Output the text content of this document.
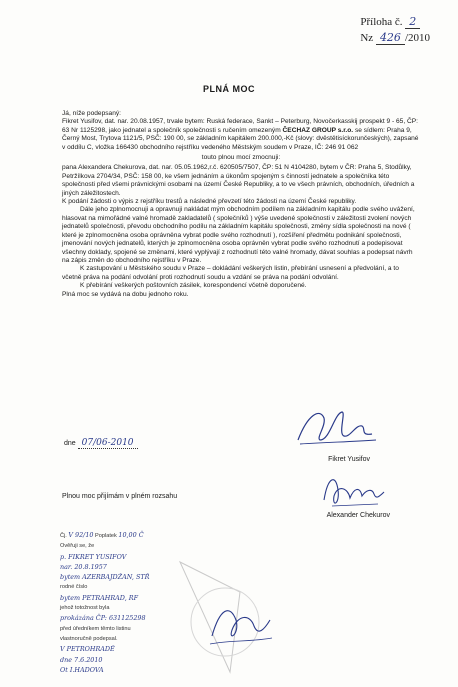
Příloha č. 2
Nz 426 /2010
PLNÁ MOC

Já, níže podepsaný:

Fikret Yusifov, dat. nar. 20.08.1957, trvale bytem: Ruská federace, Sankt – Peterburg, Novočerkasskij prospekt 9 - 65, ČP: 63 Nr 1125298, jako jednatel a společník společnosti s ručením omezeným ČECHAZ GROUP s.r.o. se sídlem: Praha 9, Černý Most, Trytova 1121/5, PSČ: 190 00, se základním kapitálem 200.000,-Kč (slovy: dvěstětisíckorunčeských), zapsané v oddílu C, vložka 166430 obchodního rejstříku vedeného Městským soudem v Praze, IČ: 246 91 062

touto plnou mocí zmocnuji:

pana Alexandera Chekurova, dat. nar. 05.05.1962,r.č. 620505/7507, ČP: 51 N 4104280, bytem v ČR: Praha 5, Stodůlky, Petržílkova 2704/34, PSČ: 158 00, ke všem jednáním a úkonům spojeným s činností jednatele a společníka této společnosti před všemi právnickými osobami na území České Republiky, a to ve všech právních, obchodních, úředních a jiných záležitostech.

K podání žádosti o výpis z rejstříku trestů a následné převzetí této žádosti na území České republiky.

Dále jeho zplnomocnuji a opravnuji nakládat mým obchodním podílem na základním kapitálu podle svého uvážení, hlasovat na mimořádné valné hromadě zakladatelů ( společníků ) výše uvedené společnosti v záležitosti zvolení nových jednatelů společnosti, převodu obchodního podílu na základním kapitálu společnosti, změny sídla společnosti na nové ( které je zplnomocněna osoba oprávněna vybrat podle svého rozhodnutí ), rozšíření předmětu podnikání společnosti, jmenování nových jednatelů, kterých je zplnomocněna osoba oprávněn vybrat podle svého rozhodnutí a podepisovat všechny doklady, spojené se změnami, které vyplývají z rozhodnutí této valné hromady, dávat souhlas a podepsat návrh na zápis změn do obchodního rejstříku v Praze.

K zastupování u Městského soudu v Praze – dokládání veškerých listin, přebírání usnesení a předvolání, a to včetně práva na podání odvolání proti rozhodnutí soudu a vzdání se práva na podání odvolání.

K přebírání veškerých poštovních zásilek, korespondencí včetně doporučené.

Plná moc se vydává na dobu jednoho roku.

dne 07/06-2010
Fikret Yusifov
Plnou moc přijímám v plném rozsahu
Alexander Chekurov
Čj. V 92/10 Poplatek 10,00 Č
Ověřuji se, že
p. FIKRET YUSIFOV
nar. 20.8.1957
bytem AZERBAJDŽAN, STŘ
rodné číslo
bytem PETRAHRAD, RF
jehož totožnost byla
prokázána ČP: 631125298
před úředníkem těmto listinu
vlastnoručně podepsal.
V PETROHRADĚ
dne 7.6.2010
Ot I.HADOVA
